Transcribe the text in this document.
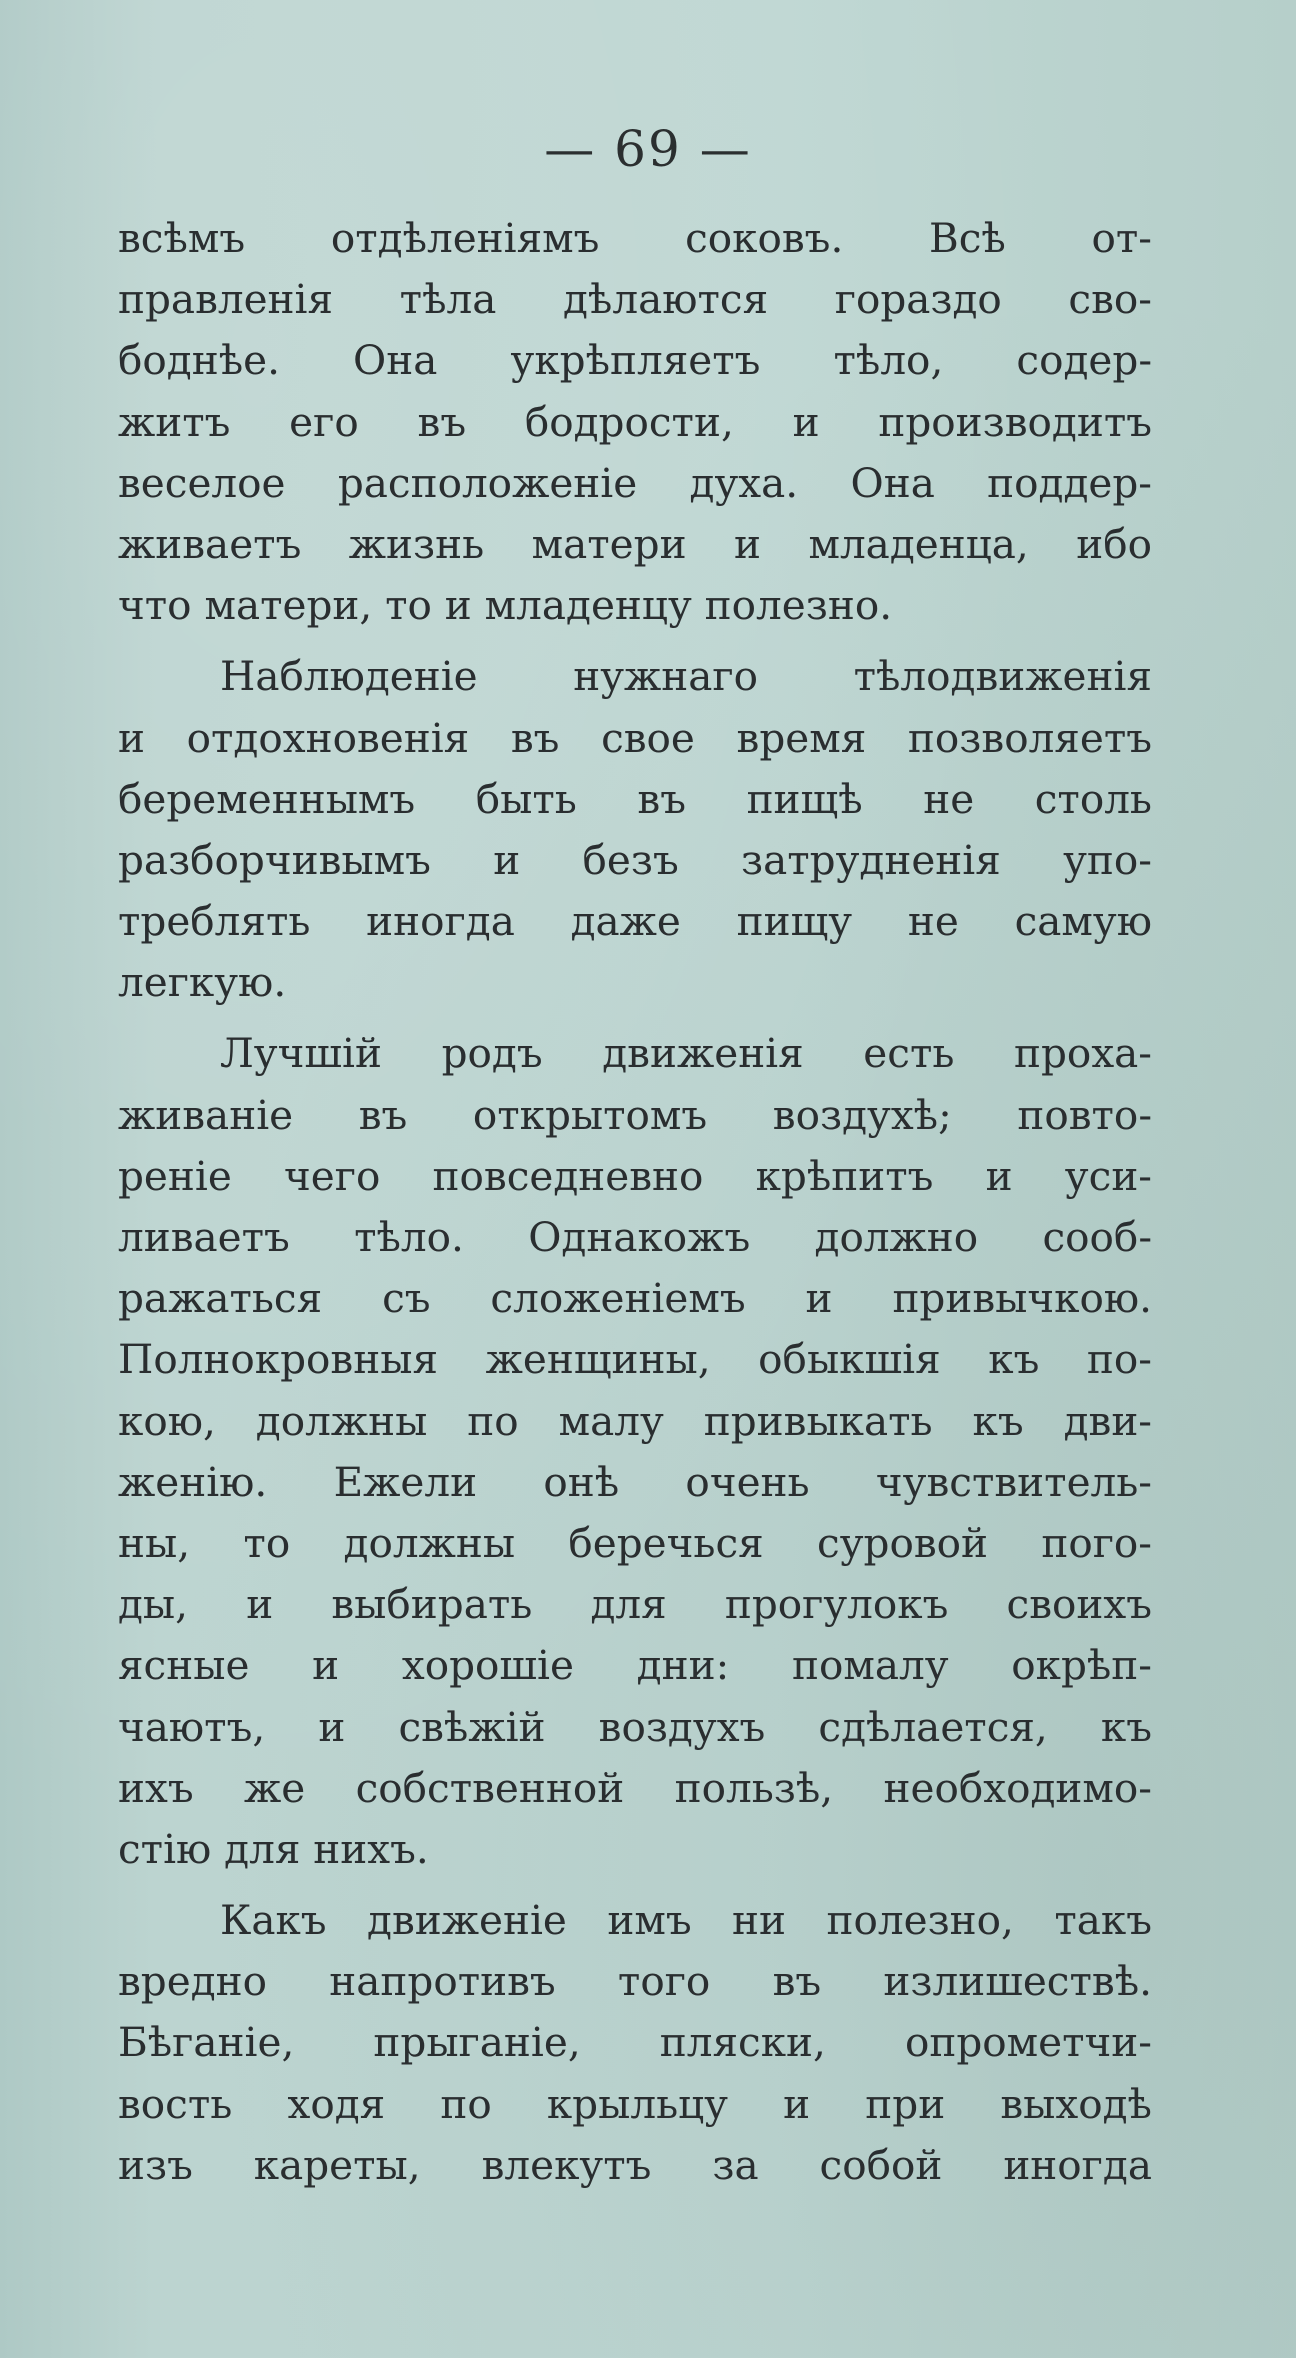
— 69 —
всѣмъ отдѣленіямъ соковъ. Всѣ от-
правленія тѣла дѣлаются гораздо сво-
боднѣе. Она укрѣпляетъ тѣло, содер-
житъ его въ бодрости, и производитъ
веселое расположеніе духа. Она поддер-
живаетъ жизнь матери и младенца, ибо
что матери, то и младенцу полезно.
Наблюденіе нужнаго тѣлодвиженія
и отдохновенія въ свое время позволяетъ
беременнымъ быть въ пищѣ не столь
разборчивымъ и безъ затрудненія упо-
треблять иногда даже пищу не самую
легкую.
Лучшій родъ движенія есть проха-
живаніе въ открытомъ воздухѣ; повто-
реніе чего повседневно крѣпитъ и уси-
ливаетъ тѣло. Однакожъ должно сооб-
ражаться съ сложеніемъ и привычкою.
Полнокровныя женщины, обыкшія къ по-
кою, должны по малу привыкать къ дви-
женію. Ежели онѣ очень чувствитель-
ны, то должны беречься суровой пого-
ды, и выбирать для прогулокъ своихъ
ясные и хорошіе дни: помалу окрѣп-
чаютъ, и свѣжій воздухъ сдѣлается, къ
ихъ же собственной пользѣ, необходимо-
стію для нихъ.
Какъ движеніе имъ ни полезно, такъ
вредно напротивъ того въ излишествѣ.
Бѣганіе, прыганіе, пляски, опрометчи-
вость ходя по крыльцу и при выходѣ
изъ кареты, влекутъ за собой иногда
